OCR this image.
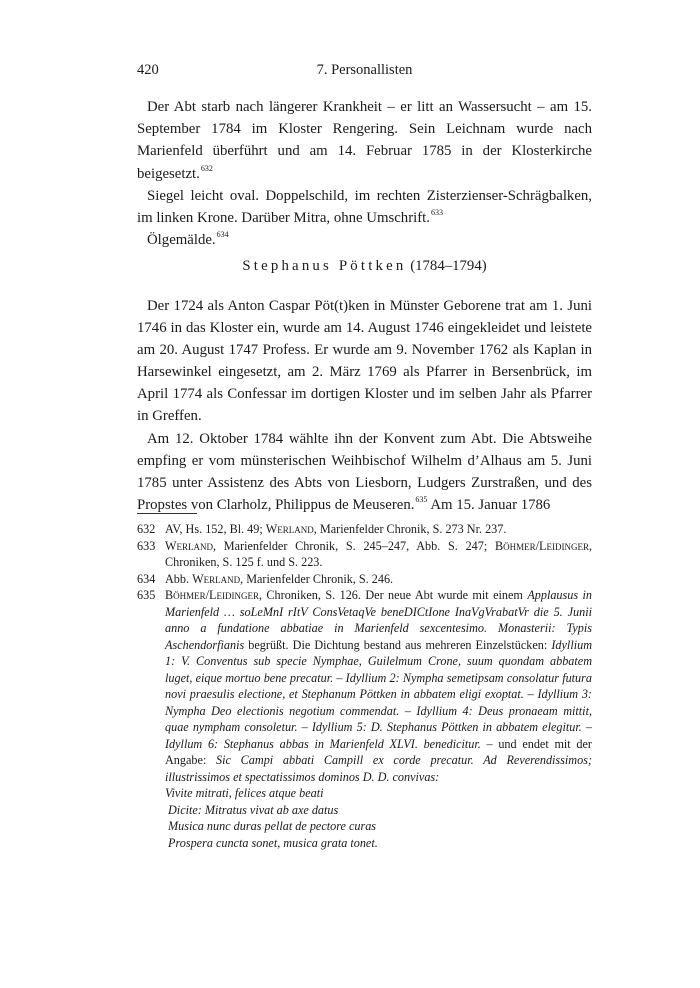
420	7. Personallisten

Der Abt starb nach längerer Krankheit – er litt an Wassersucht – am 15. September 1784 im Kloster Rengering. Sein Leichnam wurde nach Marienfeld überführt und am 14. Februar 1785 in der Klosterkirche beigesetzt.$^{632}$

Siegel leicht oval. Doppelschild, im rechten Zisterzienser-Schrägbalken, im linken Krone. Darüber Mitra, ohne Umschrift.$^{633}$

Ölgemälde.$^{634}$

Stephanus Pöttken (1784–1794)

Der 1724 als Anton Caspar Pöt(t)ken in Münster Geborene trat am 1. Juni 1746 in das Kloster ein, wurde am 14. August 1746 eingekleidet und leistete am 20. August 1747 Profess. Er wurde am 9. November 1762 als Kaplan in Harsewinkel eingesetzt, am 2. März 1769 als Pfarrer in Bersenbrück, im April 1774 als Confessar im dortigen Kloster und im selben Jahr als Pfarrer in Greffen.

Am 12. Oktober 1784 wählte ihn der Konvent zum Abt. Die Abtsweihe empfing er vom münsterischen Weihbischof Wilhelm d’Alhaus am 5. Juni 1785 unter Assistenz des Abts von Liesborn, Ludgers Zurstraßen, und des Propstes von Clarholz, Philippus de Meuseren.$^{635}$ Am 15. Januar 1786

632 AV, Hs. 152, Bl. 49; Werland, Marienfelder Chronik, S. 273 Nr. 237.
633 Werland, Marienfelder Chronik, S. 245–247, Abb. S. 247; Böhmer/Leidinger, Chroniken, S. 125 f. und S. 223.
634 Abb. Werland, Marienfelder Chronik, S. 246.
635 Böhmer/Leidinger, Chroniken, S. 126. Der neue Abt wurde mit einem Applausus in Marienfeld … soLeMnI rItV ConsVetaqVe beneDICtIone InaVgVrabatVr die 5. Junii anno a fundatione abbatiae in Marienfeld sexcentesimo. Monasterii: Typis Aschendorfianis begrüßt. Die Dichtung bestand aus mehreren Einzelstücken: Idyllium 1: V. Conventus sub specie Nymphae, Guilelmum Crone, suum quondam abbatem luget, eique mortuo bene precatur. – Idyllium 2: Nympha semetipsam consolatur futura novi praesulis electione, et Stephanum Pöttken in abbatem eligi exoptat. – Idyllium 3: Nympha Deo electionis negotium commendat. – Idyllium 4: Deus pronaeam mittit, quae nympham consoletur. – Idyllium 5: D. Stephanus Pöttken in abbatem elegitur. – Idyllum 6: Stephanus abbas in Marienfeld XLVI. benedicitur. – und endet mit der Angabe: Sic Campi abbati Campill ex corde precatur. Ad Reverendissimos; illustrissimos et spectatissimos dominos D. D. convivas:
Vivite mitrati, felices atque beati
Dicite: Mitratus vivat ab axe datus
Musica nunc duras pellat de pectore curas
Prospera cuncta sonet, musica grata tonet.
